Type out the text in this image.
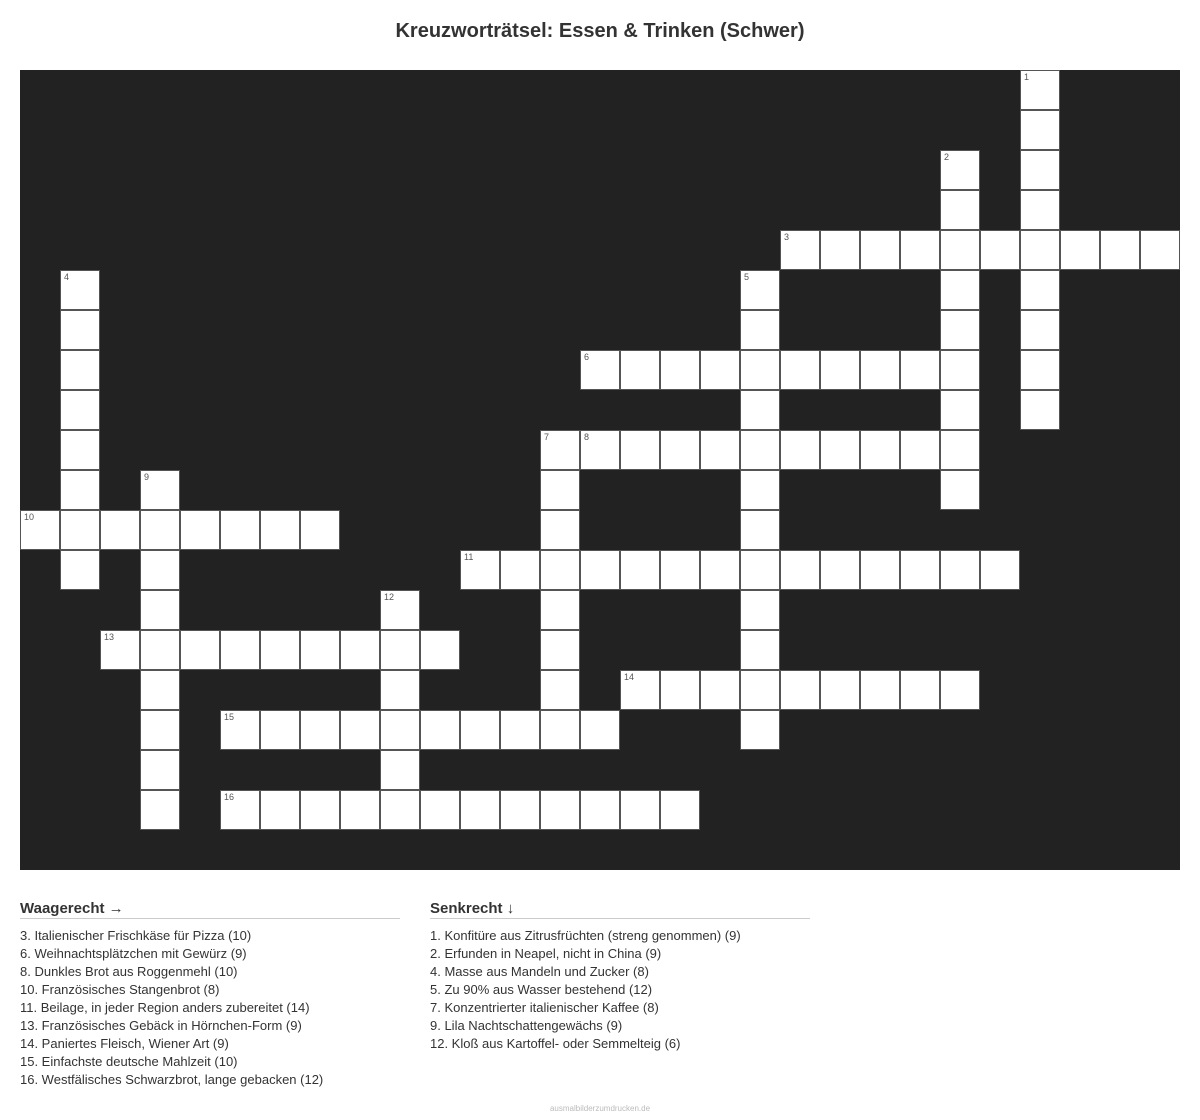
Kreuzworträtsel: Essen & Trinken (Schwer)
1
2
3
4	5
6
7	8
9
10
11
12
13
14
15
16
Waagerecht →
3. Italienischer Frischkäse für Pizza (10)
6. Weihnachtsplätzchen mit Gewürz (9)
8. Dunkles Brot aus Roggenmehl (10)
10. Französisches Stangenbrot (8)
11. Beilage, in jeder Region anders zubereitet (14)
13. Französisches Gebäck in Hörnchen-Form (9)
14. Paniertes Fleisch, Wiener Art (9)
15. Einfachste deutsche Mahlzeit (10)
16. Westfälisches Schwarzbrot, lange gebacken (12)
Senkrecht ↓
1. Konfitüre aus Zitrusfrüchten (streng genommen) (9)
2. Erfunden in Neapel, nicht in China (9)
4. Masse aus Mandeln und Zucker (8)
5. Zu 90% aus Wasser bestehend (12)
7. Konzentrierter italienischer Kaffee (8)
9. Lila Nachtschattengewächs (9)
12. Kloß aus Kartoffel- oder Semmelteig (6)
ausmalbilderzumdrucken.de
